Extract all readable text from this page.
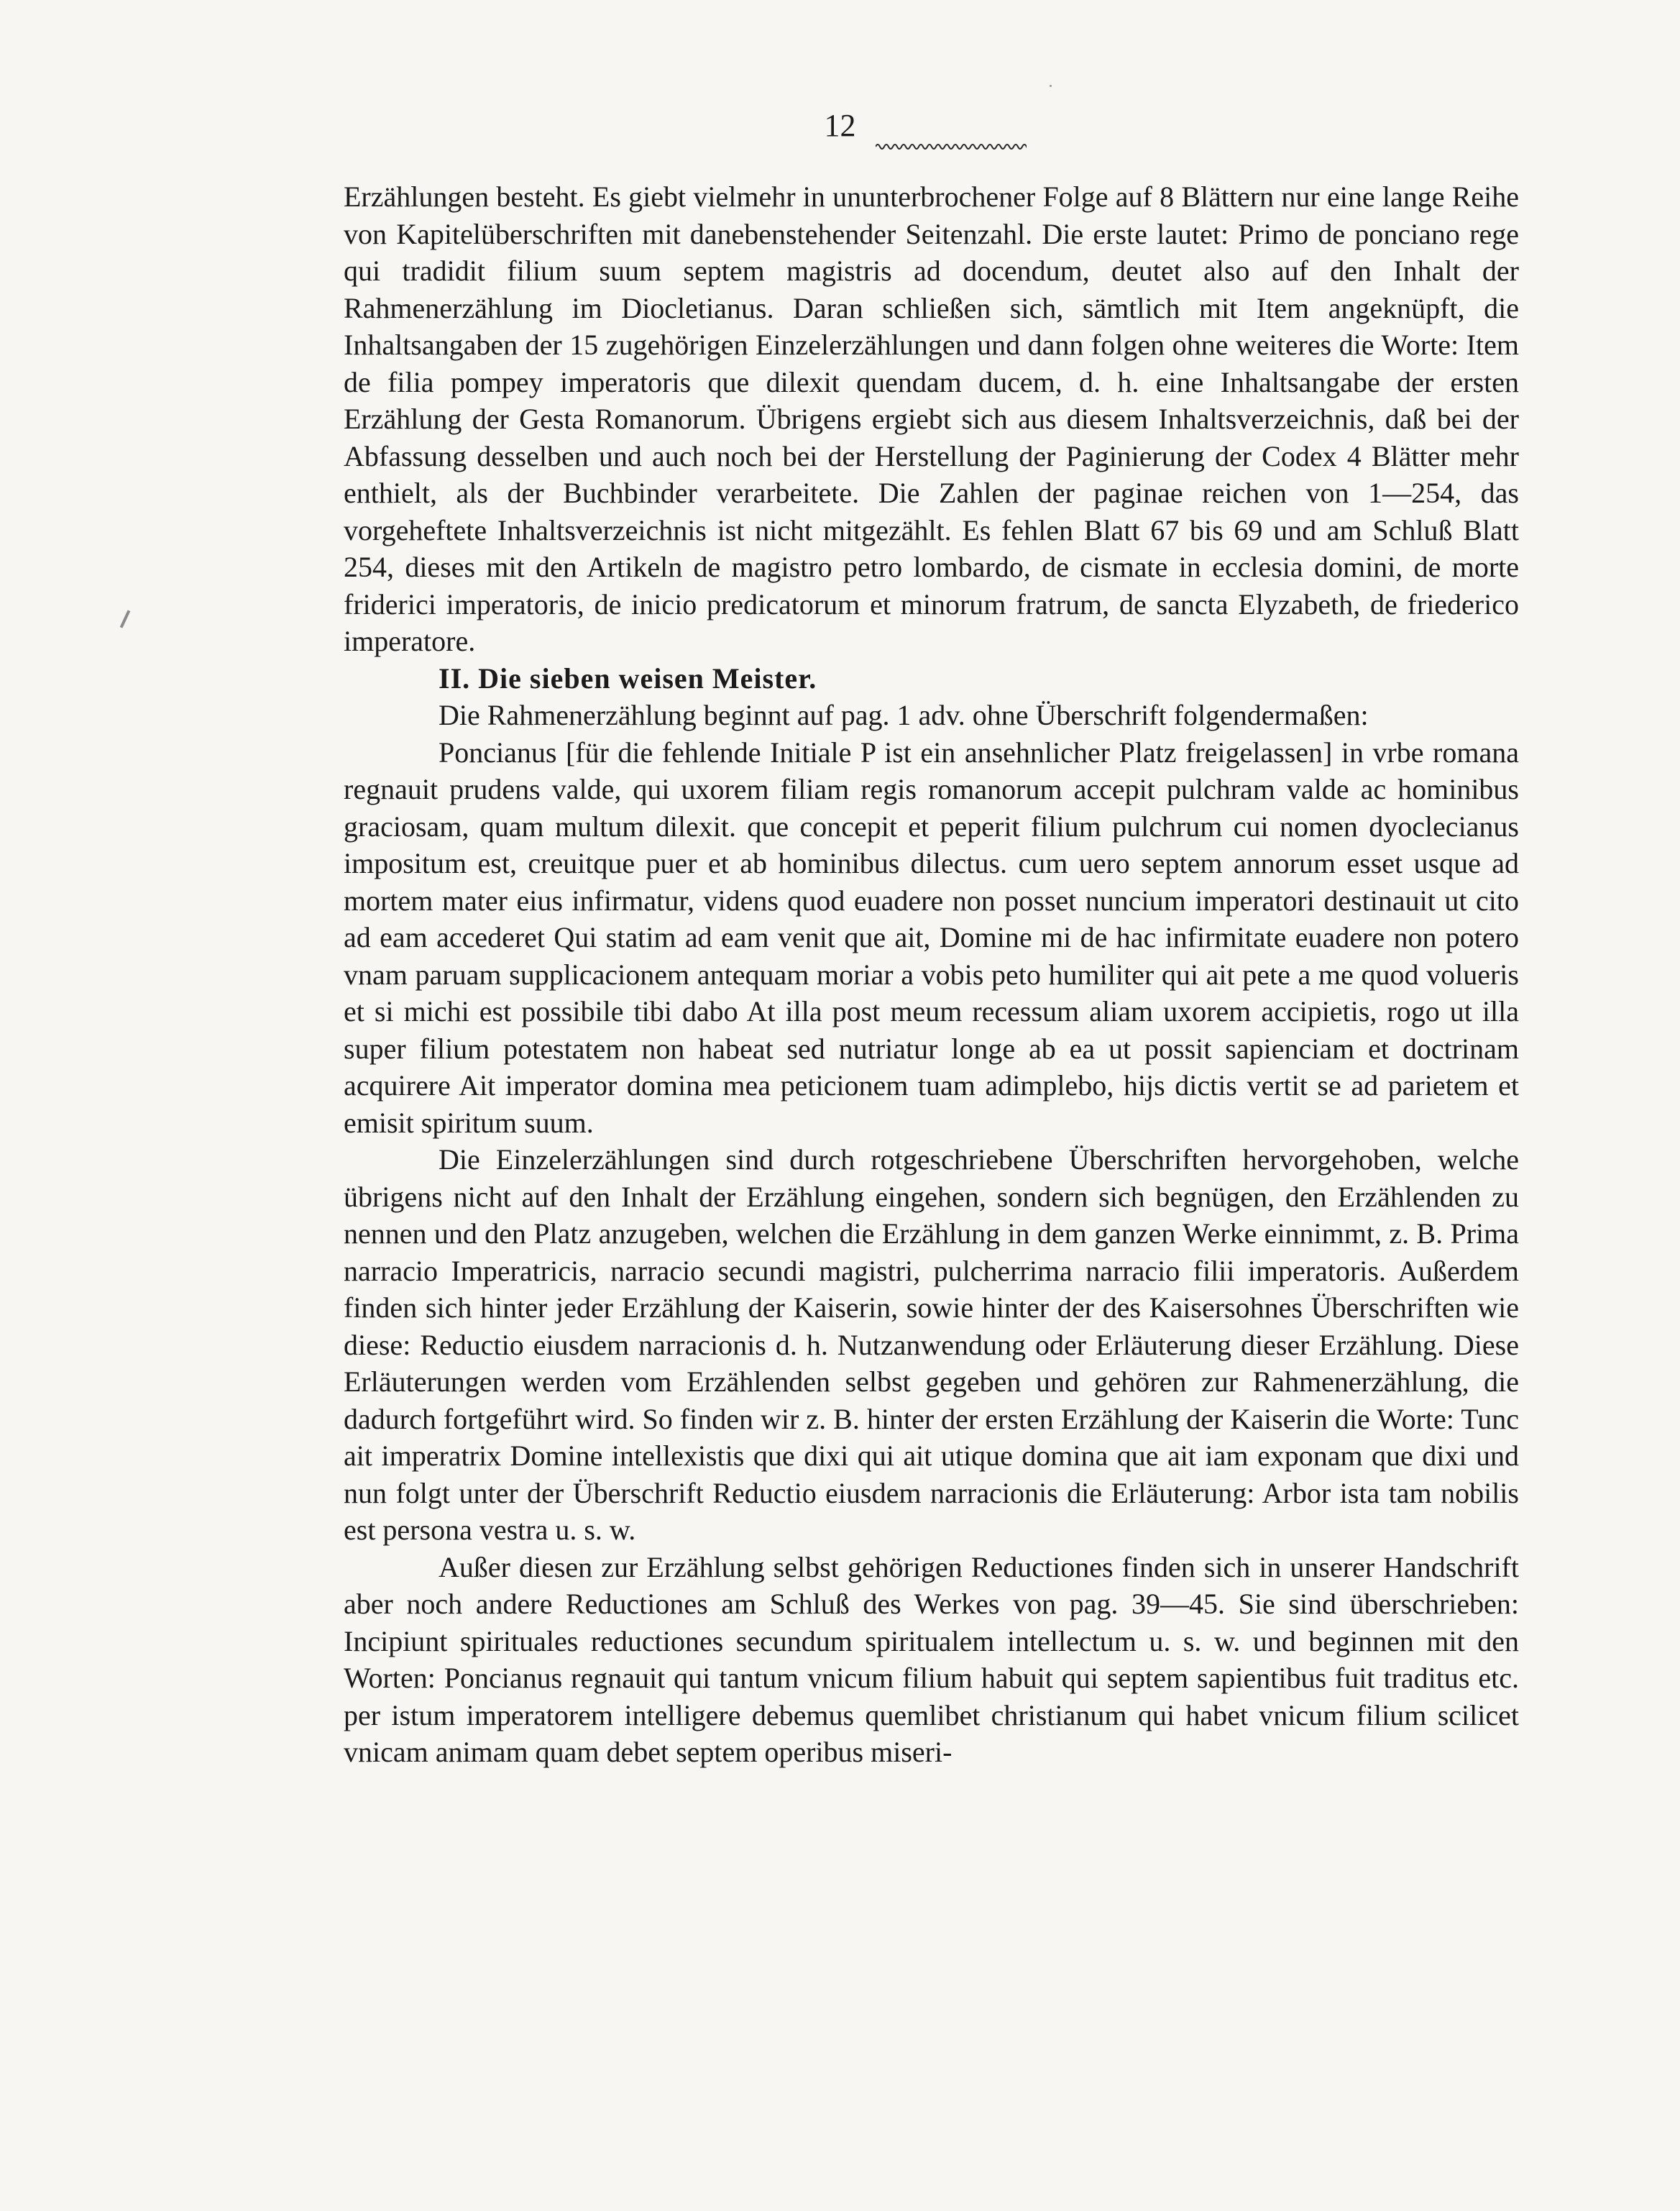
12

Erzählungen besteht. Es giebt vielmehr in ununterbrochener Folge auf 8 Blättern nur eine lange Reihe von Kapitelüberschriften mit danebenstehender Seitenzahl. Die erste lautet: Primo de ponciano rege qui tradidit filium suum septem magistris ad docendum, deutet also auf den Inhalt der Rahmenerzählung im Diocletianus. Daran schließen sich, sämtlich mit Item angeknüpft, die Inhaltsangaben der 15 zugehörigen Einzelerzählungen und dann folgen ohne weiteres die Worte: Item de filia pompey imperatoris que dilexit quendam ducem, d. h. eine Inhaltsangabe der ersten Erzählung der Gesta Romanorum. Übrigens ergiebt sich aus diesem Inhaltsverzeichnis, daß bei der Abfassung desselben und auch noch bei der Herstellung der Paginierung der Codex 4 Blätter mehr enthielt, als der Buchbinder verarbeitete. Die Zahlen der paginae reichen von 1—254, das vorgeheftete Inhaltsverzeichnis ist nicht mitgezählt. Es fehlen Blatt 67 bis 69 und am Schluß Blatt 254, dieses mit den Artikeln de magistro petro lombardo, de cismate in ecclesia domini, de morte friderici imperatoris, de inicio predicatorum et minorum fratrum, de sancta Elyzabeth, de friederico imperatore.

II. Die sieben weisen Meister.

Die Rahmenerzählung beginnt auf pag. 1 adv. ohne Überschrift folgendermaßen:

Poncianus [für die fehlende Initiale P ist ein ansehnlicher Platz freigelassen] in vrbe romana regnauit prudens valde, qui uxorem filiam regis romanorum accepit pulchram valde ac hominibus graciosam, quam multum dilexit. que concepit et peperit filium pulchrum cui nomen dyoclecianus impositum est, creuitque puer et ab hominibus dilectus. cum uero septem annorum esset usque ad mortem mater eius infirmatur, videns quod euadere non posset nuncium imperatori destinauit ut cito ad eam accederet Qui statim ad eam venit que ait, Domine mi de hac infirmitate euadere non potero vnam paruam supplicacionem antequam moriar a vobis peto humiliter qui ait pete a me quod volueris et si michi est possibile tibi dabo At illa post meum recessum aliam uxorem accipietis, rogo ut illa super filium potestatem non habeat sed nutriatur longe ab ea ut possit sapienciam et doctrinam acquirere Ait imperator domina mea peticionem tuam adimplebo, hijs dictis vertit se ad parietem et emisit spiritum suum.

Die Einzelerzählungen sind durch rotgeschriebene Überschriften hervorgehoben, welche übrigens nicht auf den Inhalt der Erzählung eingehen, sondern sich begnügen, den Erzählenden zu nennen und den Platz anzugeben, welchen die Erzählung in dem ganzen Werke einnimmt, z. B. Prima narracio Imperatricis, narracio secundi magistri, pulcherrima narracio filii imperatoris. Außerdem finden sich hinter jeder Erzählung der Kaiserin, sowie hinter der des Kaisersohnes Überschriften wie diese: Reductio eiusdem narracionis d. h. Nutzanwendung oder Erläuterung dieser Erzählung. Diese Erläuterungen werden vom Erzählenden selbst gegeben und gehören zur Rahmenerzählung, die dadurch fortgeführt wird. So finden wir z. B. hinter der ersten Erzählung der Kaiserin die Worte: Tunc ait imperatrix Domine intellexistis que dixi qui ait utique domina que ait iam exponam que dixi und nun folgt unter der Überschrift Reductio eiusdem narracionis die Erläuterung: Arbor ista tam nobilis est persona vestra u. s. w.

Außer diesen zur Erzählung selbst gehörigen Reductiones finden sich in unserer Handschrift aber noch andere Reductiones am Schluß des Werkes von pag. 39—45. Sie sind überschrieben: Incipiunt spirituales reductiones secundum spiritualem intellectum u. s. w. und beginnen mit den Worten: Poncianus regnauit qui tantum vnicum filium habuit qui septem sapientibus fuit traditus etc. per istum imperatorem intelligere debemus quemlibet christianum qui habet vnicum filium scilicet vnicam animam quam debet septem operibus miseri-
